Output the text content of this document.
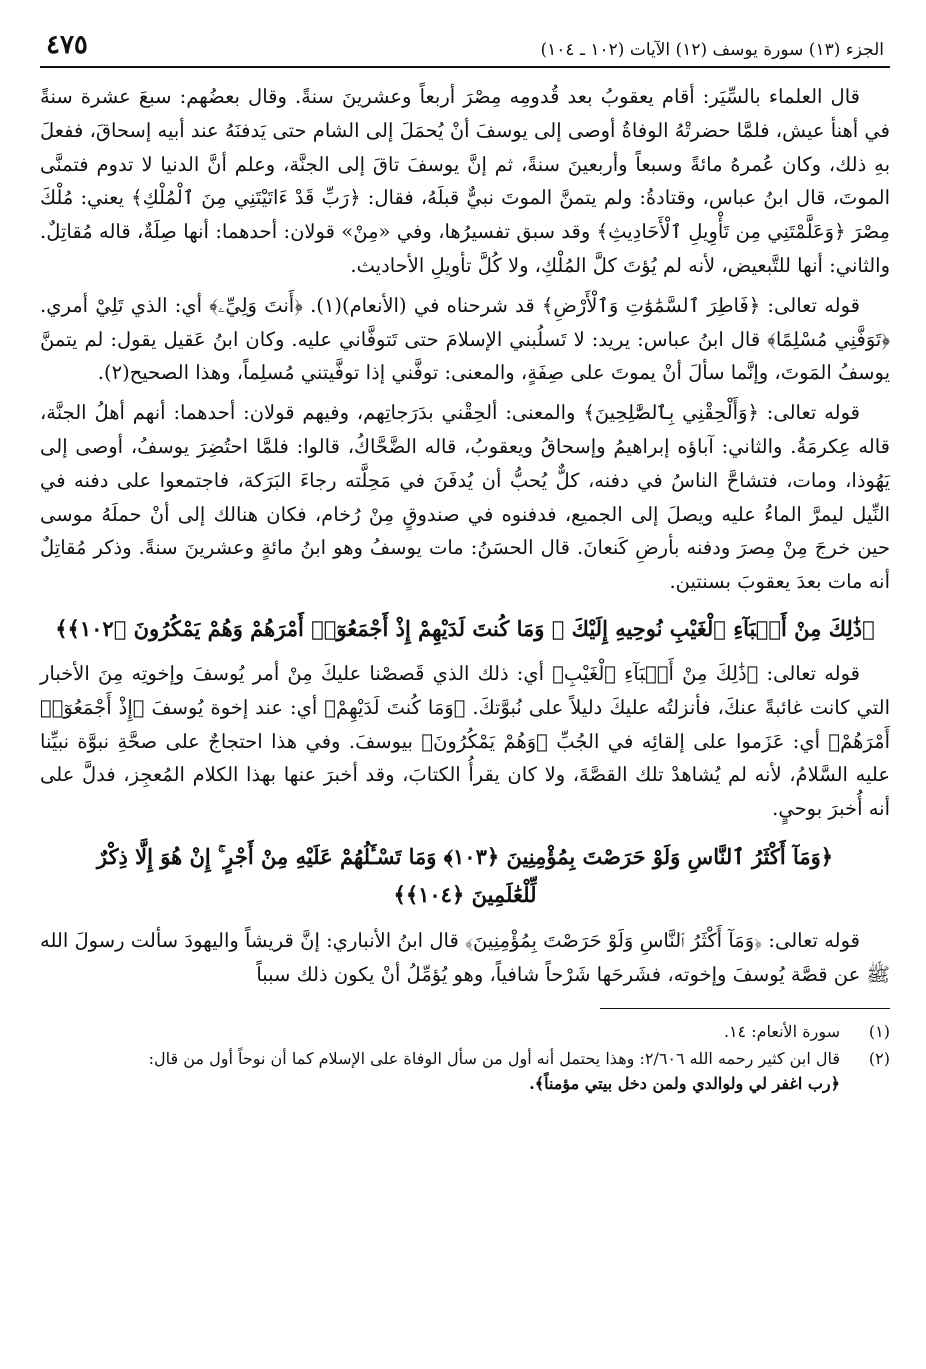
الجزء (١٣) سورة يوسف (١٢) الآيات (١٠٢ ـ ١٠٤)
٤٧٥

قال العلماء بالسِّيَر: أقام يعقوبُ بعد قُدومِه مِصْرَ أربعاً وعشرينَ سنةً. وقال بعضُهم: سبعَ عشرة سنةً في أهنأ عيش، فلمَّا حضرتْهُ الوفاةُ أوصى إلى يوسفَ أنْ يُحمَلَ إلى الشام حتى يَدفنَهُ عند أبيه إسحاقَ، ففعلَ بهِ ذلك، وكان عُمرهُ مائةً وسبعاً وأربعينَ سنةً، ثم إنَّ يوسفَ تاقَ إلى الجنَّة، وعلم أنَّ الدنيا لا تدوم فتمنَّى الموتَ، قال ابنُ عباس، وقتادةُ: ولم يتمنَّ الموتَ نبيٌّ قبلَهُ، فقال: ﴿رَبِّ قَدْ ءَاتَيْتَنِي مِنَ ٱلْمُلْكِ﴾ يعني: مُلْكَ مِصْرَ ﴿وَعَلَّمْتَنِي مِن تَأْوِيلِ ٱلْأَحَادِيثِ﴾ وقد سبق تفسيرُها، وفي «مِنْ» قولان: أحدهما: أنها صِلَةٌ، قاله مُقاتِلٌ. والثاني: أنها للتَّبعيض، لأنه لم يُؤتَ كلَّ المُلْكِ، ولا كُلَّ تأويلِ الأحاديث.

قوله تعالى: ﴿فَاطِرَ ٱلسَّمَٰوَٰتِ وَٱلْأَرْضِ﴾ قد شرحناه في (الأنعام)(١). ﴿أَنتَ وَلِيِّۦ﴾ أي: الذي تَلِيْ أمري. ﴿تَوَفَّنِي مُسْلِمًا﴾ قال ابنُ عباس: يريد: لا تَسلُبني الإسلامَ حتى تَتوفَّاني عليه. وكان ابنُ عَقيل يقول: لم يتمنَّ يوسفُ المَوتَ، وإنَّما سألَ أنْ يموتَ على صِفَةٍ، والمعنى: توفَّني إذا توفَّيتني مُسلِماً، وهذا الصحيح(٢).

قوله تعالى: ﴿وَأَلْحِقْنِي بِٱلصَّٰلِحِينَ﴾ والمعنى: ألحِقْني بدَرَجاتِهم، وفيهم قولان: أحدهما: أنهم أهلُ الجنَّة، قاله عِكرمَةُ. والثاني: آباؤه إبراهيمُ وإسحاقُ ويعقوبُ، قاله الضَّحَّاكُ، قالوا: فلمَّا احتُضِرَ يوسفُ، أوصى إلى يَهُوذا، ومات، فتشاحَّ الناسُ في دفنه، كلٌّ يُحبُّ أن يُدفَنَ في مَحِلَّته رجاءَ البَرَكة، فاجتمعوا على دفنه في النِّيل ليمرَّ الماءُ عليه ويصلَ إلى الجميع، فدفنوه في صندوقٍ مِنْ رُخام، فكان هنالك إلى أنْ حملَهُ موسى حين خرجَ مِنْ مِصرَ ودفنه بأرضِ كَنعانَ. قال الحسَنُ: مات يوسفُ وهو ابنُ مائةٍ وعشرينَ سنةً. وذكر مُقاتِلٌ أنه مات بعدَ يعقوبَ بسنتين.

﴿ذَٰلِكَ مِنْ أَنۢبَآءِ ٱلْغَيْبِ نُوحِيهِ إِلَيْكَ ۖ وَمَا كُنتَ لَدَيْهِمْ إِذْ أَجْمَعُوٓا۟ أَمْرَهُمْ وَهُمْ يَمْكُرُونَ ﴿١٠٢﴾﴾

قوله تعالى: ﴿ذَٰلِكَ مِنْ أَنۢبَآءِ ٱلْغَيْبِ﴾ أي: ذلك الذي قَصصْنا عليكَ مِنْ أمر يُوسفَ وإخوتِه مِنَ الأخبار التي كانت غائبةً عنكَ، فأنزلتُه عليكَ دليلاً على نُبوَّتكَ. ﴿وَمَا كُنتَ لَدَيْهِمْ﴾ أي: عند إخوة يُوسفَ ﴿إِذْ أَجْمَعُوٓا۟ أَمْرَهُمْ﴾ أي: عَزَموا على إلقائِه في الجُبِّ ﴿وَهُمْ يَمْكُرُونَ﴾ بيوسفَ. وفي هذا احتجاجٌ على صحَّةِ نبوَّة نبيِّنا عليه السَّلامُ، لأنه لم يُشاهدْ تلك القصَّةَ، ولا كان يقرأُ الكتابَ، وقد أخبرَ عنها بهذا الكلام المُعجِز، فدلَّ على أنه أُخبرَ بوحيٍ.

﴿وَمَآ أَكْثَرُ ٱلنَّاسِ وَلَوْ حَرَصْتَ بِمُؤْمِنِينَ ﴿١٠٣﴾ وَمَا تَسْـَٔلُهُمْ عَلَيْهِ مِنْ أَجْرٍ ۚ إِنْ هُوَ إِلَّا ذِكْرٌ
لِّلْعَٰلَمِينَ ﴿١٠٤﴾﴾

قوله تعالى: ﴿وَمَآ أَكْثَرُ ٱلنَّاسِ وَلَوْ حَرَصْتَ بِمُؤْمِنِينَ﴾ قال ابنُ الأنباري: إنَّ قريشاً واليهودَ سألت رسولَ الله ﷺ عن قصَّة يُوسفَ وإخوته، فشَرحَها شَرْحاً شافياً، وهو يُؤمِّلُ أنْ يكون ذلك سبباً

(١)
سورة الأنعام: ١٤.
(٢)
قال ابن كثير رحمه الله ٢/٦٠٦: وهذا يحتمل أنه أول من سأل الوفاة على الإسلام كما أن نوحاً أول من قال:
﴿رب اغفر لي ولوالدي ولمن دخل بيتي مؤمناً﴾.
